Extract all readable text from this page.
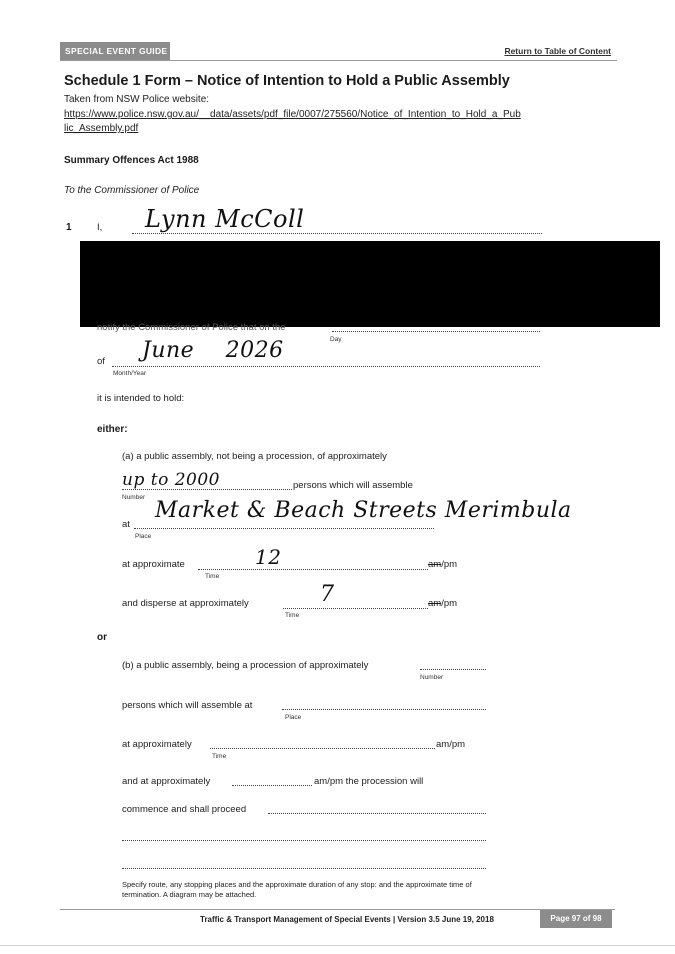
SPECIAL EVENT GUIDE	Return to Table of Content
Schedule 1 Form – Notice of Intention to Hold a Public Assembly
Taken from NSW Police website:
https://www.police.nsw.gov.au/__data/assets/pdf_file/0007/275560/Notice_of_Intention_to_Hold_a_Pub
lic_Assembly.pdf
Summary Offences Act 1988
To the Commissioner of Police
1	I, Lynn McColl
notify the Commissioner of Police that on the
Day
of June 2026
Month/Year
it is intended to hold:
either:
(a) a public assembly, not being a procession, of approximately
up to 2000	persons which will assemble
Number
at
Market & Beach Streets Merimbula
Place
at approximate	12	am/pm
Time
and disperse at approximately	7	am/pm
Time
or
(b) a public assembly, being a procession of approximately
Number
persons which will assemble at
Place
at approximately	am/pm
Time
and at approximately	am/pm the procession will
commence and shall proceed
Specify route, any stopping places and the approximate duration of any stop: and the approximate time of termination. A diagram may be attached.
Traffic & Transport Management of Special Events | Version 3.5 June 19, 2018	Page 97 of 98
